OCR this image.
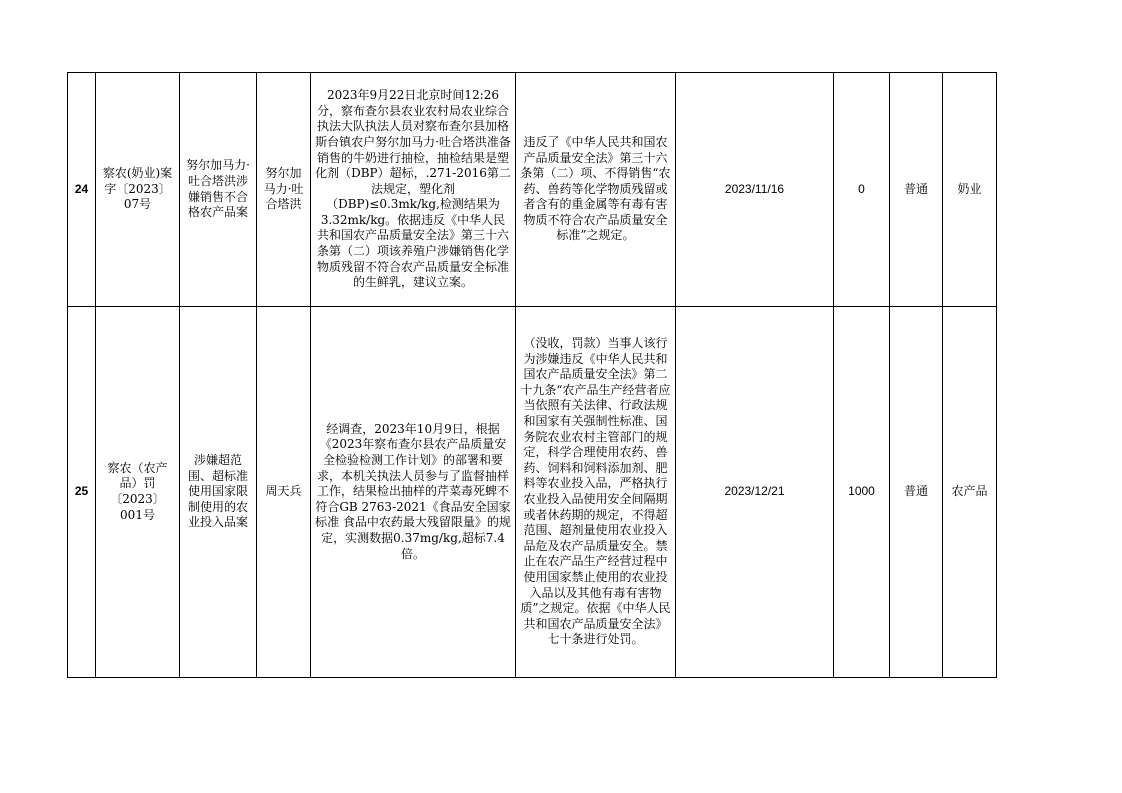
24	察农(奶业)案字〔2023〕07号	努尔加马力·吐合塔洪涉嫌销售不合格农产品案	努尔加马力·吐合塔洪	2023年9月22日北京时间12:26分，察布查尔县农业农村局农业综合执法大队执法人员对察布查尔县加格斯台镇农户努尔加马力·吐合塔洪准备销售的牛奶进行抽检，抽检结果是塑化剂（DBP）超标，.271-2016第二法规定，塑化剂（DBP)≤0.3mk/kg,检测结果为3.32mk/kg。依据违反《中华人民共和国农产品质量安全法》第三十六条第（二）项该养殖户涉嫌销售化学物质残留不符合农产品质量安全标准的生鲜乳，建议立案。	违反了《中华人民共和国农产品质量安全法》第三十六条第（二）项、不得销售“农药、兽药等化学物质残留或者含有的重金属等有毒有害物质不符合农产品质量安全标准”之规定。	2023/11/16	0	普通	奶业
25	察农（农产品）罚〔2023〕001号	涉嫌超范围、超标准使用国家限制使用的农业投入品案	周天兵	经调查，2023年10月9日，根据《2023年察布查尔县农产品质量安全检验检测工作计划》的部署和要求，本机关执法人员参与了监督抽样工作，结果检出抽样的芹菜毒死蜱不符合GB 2763-2021《食品安全国家标准 食品中农药最大残留限量》的规定，实测数据0.37mg/kg,超标7.4倍。	（没收，罚款）当事人该行为涉嫌违反《中华人民共和国农产品质量安全法》第二十九条“农产品生产经营者应当依照有关法律、行政法规和国家有关强制性标准、国务院农业农村主管部门的规定，科学合理使用农药、兽药、饲料和饲料添加剂、肥料等农业投入品，严格执行农业投入品使用安全间隔期或者休药期的规定，不得超范围、超剂量使用农业投入品危及农产品质量安全。禁止在农产品生产经营过程中使用国家禁止使用的农业投入品以及其他有毒有害物质”之规定。依据《中华人民共和国农产品质量安全法》七十条进行处罚。	2023/12/21	1000	普通	农产品
